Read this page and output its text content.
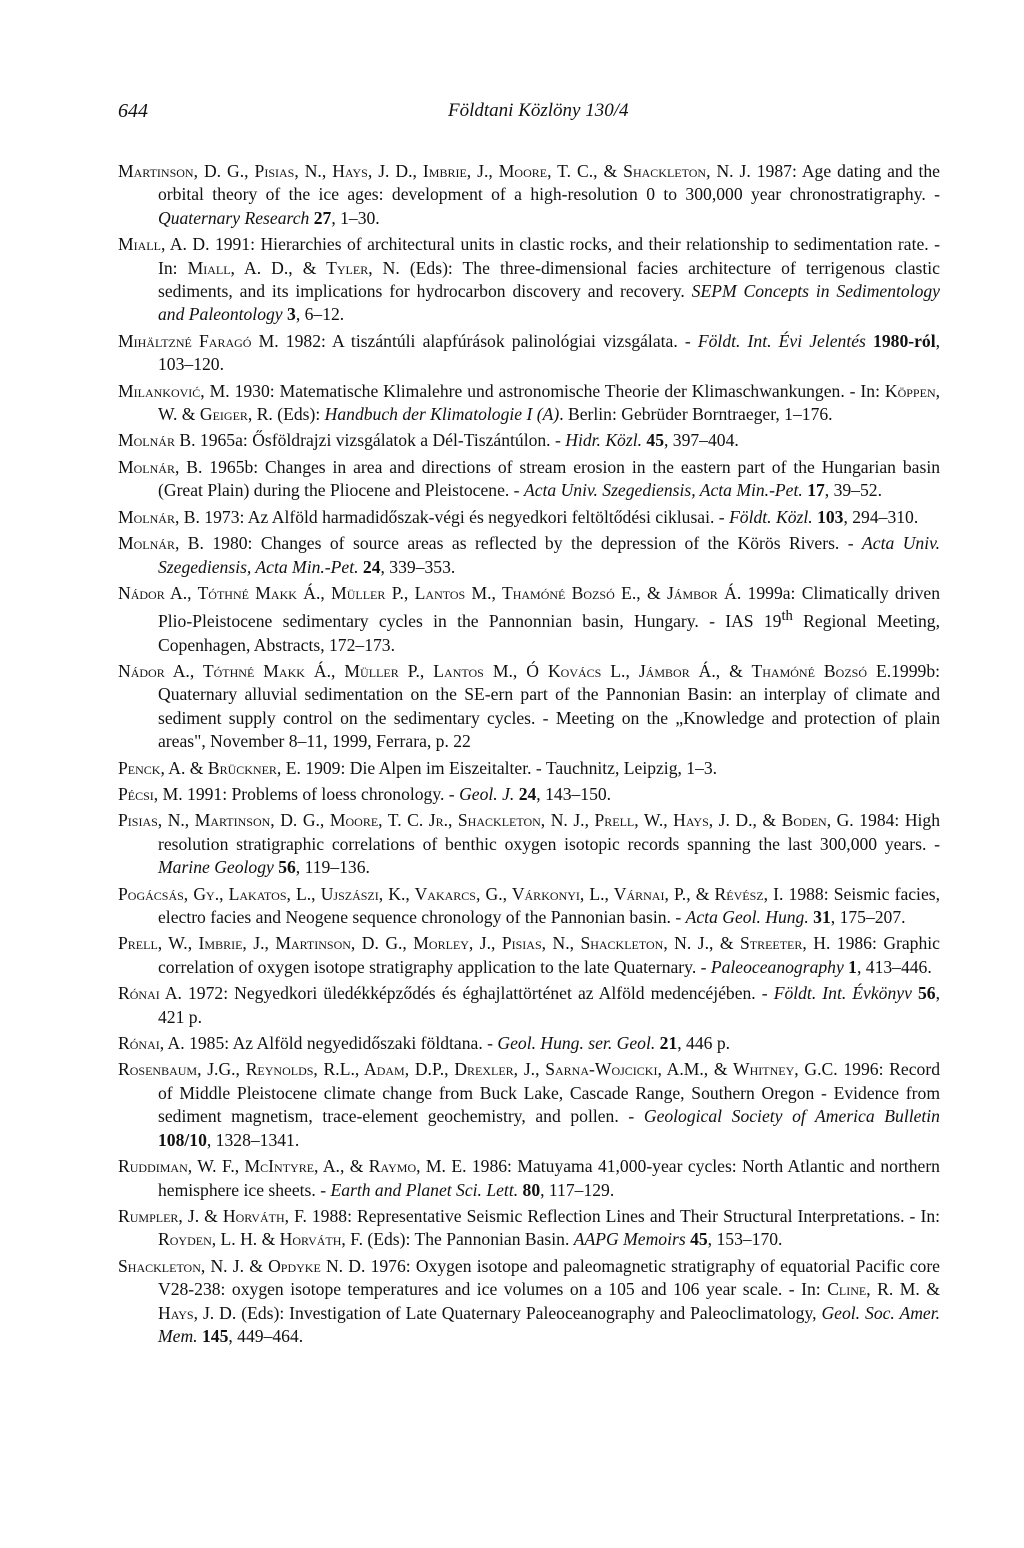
644	Földtani Közlöny 130/4

Martinson, D. G., Pisias, N., Hays, J. D., Imbrie, J., Moore, T. C., & Shackleton, N. J. 1987: Age dating and the orbital theory of the ice ages: development of a high-resolution 0 to 300,000 year chronostratigraphy. - Quaternary Research 27, 1–30.

Miall, A. D. 1991: Hierarchies of architectural units in clastic rocks, and their relationship to sedimentation rate. - In: Miall, A. D., & Tyler, N. (Eds): The three-dimensional facies architecture of terrigenous clastic sediments, and its implications for hydrocarbon discovery and recovery. SEPM Concepts in Sedimentology and Paleontology 3, 6–12.

Mihältzné Faragó M. 1982: A tiszántúli alapfúrások palinológiai vizsgálata. - Földt. Int. Évi Jelentés 1980-ról, 103–120.

Milanković, M. 1930: Matematische Klimalehre und astronomische Theorie der Klimaschwankungen. - In: Köppen, W. & Geiger, R. (Eds): Handbuch der Klimatologie I (A). Berlin: Gebrüder Borntraeger, 1–176.

Molnár B. 1965a: Ősföldrajzi vizsgálatok a Dél-Tiszántúlon. - Hidr. Közl. 45, 397–404.

Molnár, B. 1965b: Changes in area and directions of stream erosion in the eastern part of the Hungarian basin (Great Plain) during the Pliocene and Pleistocene. - Acta Univ. Szegediensis, Acta Min.-Pet. 17, 39–52.

Molnár, B. 1973: Az Alföld harmadidőszak-végi és negyedkori feltöltődési ciklusai. - Földt. Közl. 103, 294–310.

Molnár, B. 1980: Changes of source areas as reflected by the depression of the Körös Rivers. - Acta Univ. Szegediensis, Acta Min.-Pet. 24, 339–353.

Nádor A., Tóthné Makk Á., Müller P., Lantos M., Thamóné Bozsó E., & Jámbor Á. 1999a: Climatically driven Plio-Pleistocene sedimentary cycles in the Pannonnian basin, Hungary. - IAS 19th Regional Meeting, Copenhagen, Abstracts, 172–173.

Nádor A., Tóthné Makk Á., Müller P., Lantos M., Ó Kovács L., Jámbor Á., & Thamóné Bozsó E.1999b: Quaternary alluvial sedimentation on the SE-ern part of the Pannonian Basin: an interplay of climate and sediment supply control on the sedimentary cycles. - Meeting on the „Knowledge and protection of plain areas", November 8–11, 1999, Ferrara, p. 22

Penck, A. & Brückner, E. 1909: Die Alpen im Eiszeitalter. - Tauchnitz, Leipzig, 1–3.

Pécsi, M. 1991: Problems of loess chronology. - Geol. J. 24, 143–150.

Pisias, N., Martinson, D. G., Moore, T. C. Jr., Shackleton, N. J., Prell, W., Hays, J. D., & Boden, G. 1984: High resolution stratigraphic correlations of benthic oxygen isotopic records spanning the last 300,000 years. - Marine Geology 56, 119–136.

Pogácsás, Gy., Lakatos, L., Ujszászi, K., Vakarcs, G., Várkonyi, L., Várnai, P., & Révész, I. 1988: Seismic facies, electro facies and Neogene sequence chronology of the Pannonian basin. - Acta Geol. Hung. 31, 175–207.

Prell, W., Imbrie, J., Martinson, D. G., Morley, J., Pisias, N., Shackleton, N. J., & Streeter, H. 1986: Graphic correlation of oxygen isotope stratigraphy application to the late Quaternary. - Paleoceanography 1, 413–446.

Rónai A. 1972: Negyedkori üledékképződés és éghajlattörténet az Alföld medencéjében. - Földt. Int. Évkönyv 56, 421 p.

Rónai, A. 1985: Az Alföld negyedidőszaki földtana. - Geol. Hung. ser. Geol. 21, 446 p.

Rosenbaum, J.G., Reynolds, R.L., Adam, D.P., Drexler, J., Sarna-Wojcicki, A.M., & Whitney, G.C. 1996: Record of Middle Pleistocene climate change from Buck Lake, Cascade Range, Southern Oregon - Evidence from sediment magnetism, trace-element geochemistry, and pollen. - Geological Society of America Bulletin 108/10, 1328–1341.

Ruddiman, W. F., McIntyre, A., & Raymo, M. E. 1986: Matuyama 41,000-year cycles: North Atlantic and northern hemisphere ice sheets. - Earth and Planet Sci. Lett. 80, 117–129.

Rumpler, J. & Horváth, F. 1988: Representative Seismic Reflection Lines and Their Structural Interpretations. - In: Royden, L. H. & Horváth, F. (Eds): The Pannonian Basin. AAPG Memoirs 45, 153–170.

Shackleton, N. J. & Opdyke N. D. 1976: Oxygen isotope and paleomagnetic stratigraphy of equatorial Pacific core V28-238: oxygen isotope temperatures and ice volumes on a 105 and 106 year scale. - In: Cline, R. M. & Hays, J. D. (Eds): Investigation of Late Quaternary Paleoceanography and Paleoclimatology, Geol. Soc. Amer. Mem. 145, 449–464.
